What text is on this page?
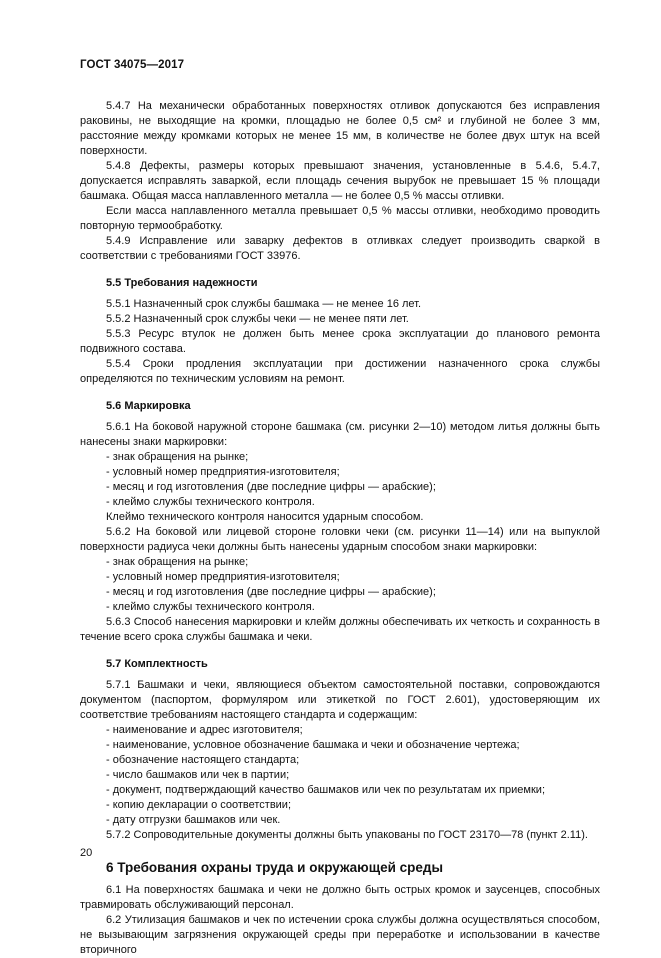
ГОСТ 34075—2017

5.4.7 На механически обработанных поверхностях отливок допускаются без исправления раковины, не выходящие на кромки, площадью не более 0,5 см² и глубиной не более 3 мм, расстояние между кромками которых не менее 15 мм, в количестве не более двух штук на всей поверхности.

5.4.8 Дефекты, размеры которых превышают значения, установленные в 5.4.6, 5.4.7, допускается исправлять заваркой, если площадь сечения вырубок не превышает 15 % площади башмака. Общая масса наплавленного металла — не более 0,5 % массы отливки.

Если масса наплавленного металла превышает 0,5 % массы отливки, необходимо проводить повторную термообработку.

5.4.9 Исправление или заварку дефектов в отливках следует производить сваркой в соответствии с требованиями ГОСТ 33976.

5.5 Требования надежности

5.5.1 Назначенный срок службы башмака — не менее 16 лет.

5.5.2 Назначенный срок службы чеки — не менее пяти лет.

5.5.3 Ресурс втулок не должен быть менее срока эксплуатации до планового ремонта подвижного состава.

5.5.4 Сроки продления эксплуатации при достижении назначенного срока службы определяются по техническим условиям на ремонт.

5.6 Маркировка

5.6.1 На боковой наружной стороне башмака (см. рисунки 2—10) методом литья должны быть нанесены знаки маркировки:

- знак обращения на рынке;

- условный номер предприятия-изготовителя;

- месяц и год изготовления (две последние цифры — арабские);

- клеймо службы технического контроля.

Клеймо технического контроля наносится ударным способом.

5.6.2 На боковой или лицевой стороне головки чеки (см. рисунки 11—14) или на выпуклой поверхности радиуса чеки должны быть нанесены ударным способом знаки маркировки:

- знак обращения на рынке;

- условный номер предприятия-изготовителя;

- месяц и год изготовления (две последние цифры — арабские);

- клеймо службы технического контроля.

5.6.3 Способ нанесения маркировки и клейм должны обеспечивать их четкость и сохранность в течение всего срока службы башмака и чеки.

5.7 Комплектность

5.7.1 Башмаки и чеки, являющиеся объектом самостоятельной поставки, сопровождаются документом (паспортом, формуляром или этикеткой по ГОСТ 2.601), удостоверяющим их соответствие требованиям настоящего стандарта и содержащим:

- наименование и адрес изготовителя;

- наименование, условное обозначение башмака и чеки и обозначение чертежа;

- обозначение настоящего стандарта;

- число башмаков или чек в партии;

- документ, подтверждающий качество башмаков или чек по результатам их приемки;

- копию декларации о соответствии;

- дату отгрузки башмаков или чек.

5.7.2 Сопроводительные документы должны быть упакованы по ГОСТ 23170—78 (пункт 2.11).

6 Требования охраны труда и окружающей среды

6.1 На поверхностях башмака и чеки не должно быть острых кромок и заусенцев, способных травмировать обслуживающий персонал.

6.2 Утилизация башмаков и чек по истечении срока службы должна осуществляться способом, не вызывающим загрязнения окружающей среды при переработке и использовании в качестве вторичного

20
